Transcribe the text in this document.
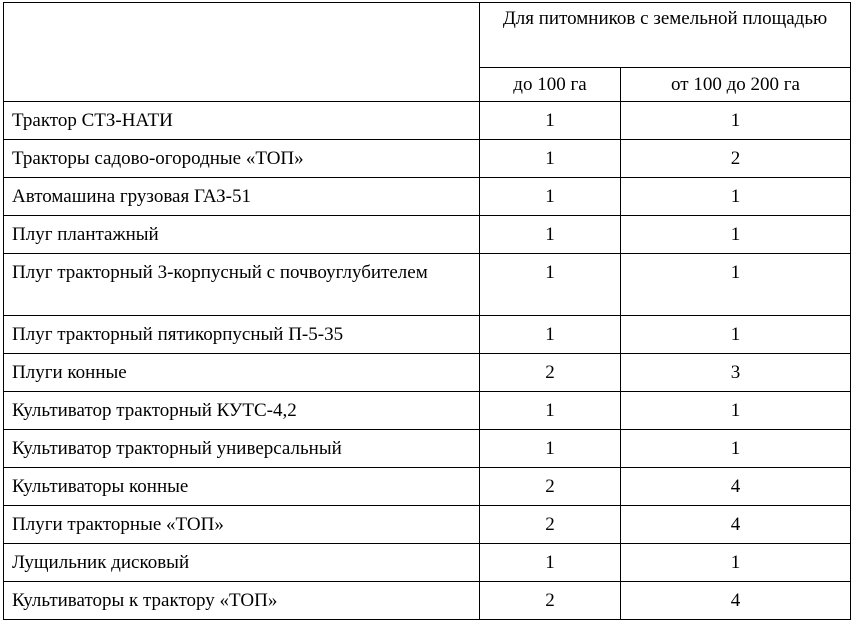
	Для питомников с земельной площадью	
	до 100 га	от 100 до 200 га
Трактор СТЗ-НАТИ	1	1
Тракторы садово-огородные «ТОП»	1	2
Автомашина грузовая ГАЗ-51	1	1
Плуг плантажный	1	1
Плуг тракторный 3-корпусный с почвоуглубителем	1	1
Плуг тракторный пятикорпусный П-5-35	1	1
Плуги конные	2	3
Культиватор тракторный КУТС-4,2	1	1
Культиватор тракторный универсальный	1	1
Культиваторы конные	2	4
Плуги тракторные «ТОП»	2	4
Лущильник дисковый	1	1
Культиваторы к трактору «ТОП»	2	4
